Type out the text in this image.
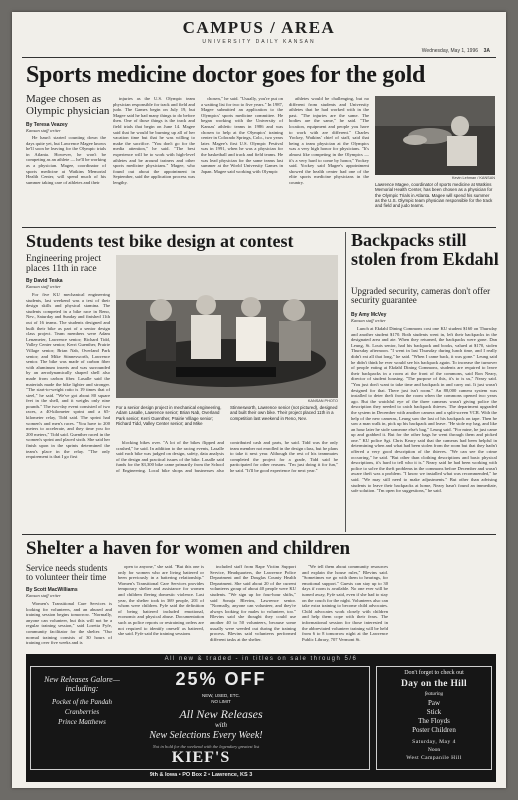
CAMPUS / AREA
UNIVERSITY DAILY KANSAN
Wednesday, May 1, 1996 3A
Sports medicine doctor goes for the gold
Magee chosen as Olympic physician
By Teresa Veazey
Kansan staff writer

He hasn't started counting down the days quite yet, but Lawrence Magee knows he'll soon be leaving for the Olympic trials in Atlanta. However, he won't be competing as an athlete — he'll be working as a physician. Magee, coordinator of sports medicine at Watkins Memorial Health Center, will spend much of his summer taking care of athletes and their

injuries as the U.S. Olympic team physician responsible for track and field and judo. The Games begin on July 19, but Magee said he had many things to do before then. One of those things is the track and field trials that begin on June 14. Magee said that he would be burning up all of her vacation time but that he was willing to make the sacrifice. "You don't go for the media attention," he said. "The best experience will be to work with high-level athletes and be around trainers and other sports medicine physicians." Magee, who found out about the appointment in September, said the application process was lengthy.

chosen," he said. "Usually, you're put on a waiting list for two to five years." In 1987, Magee submitted an application to the Olympics' sports medicine committee. He began working with the University of Kansas' athletic teams in 1986 and was chosen to help at the Olympics' training center in Colorado Springs, Colo., two years later. Magee's first U.S. Olympic Festival was in 1991, when he was a physician for the basketball and track and field teams. He was lead physician for the same teams last summer at the World University Games in Japan. Magee said working with Olympic

athletes would be challenging, but no different from students and University athletes that he had worked with in the past. "The injuries are the same. The bodies are the same," he said. "The location, equipment and people you have to work with are different." Charles Yockey, Watkins' chief of staff, said that being a team physician at the Olympics was a very high honor for physicians. "It's almost like competing in the Olympics — it's a very hard to come by honor," Yockey said. Yockey said Magee's appointment showed the health center had one of the elite sports medicine physicians in the country.

Kevin Lehman / KANSAN
Lawrence Magee, coordinator of sports medicine at Watkins Memorial Health Center, has been chosen as a physician for the Olympic Trials in Atlanta. Magee will spend his summer as the U.S. Olympic team physician responsible for the track and field and judo teams.
Students test bike design at contest
Engineering project places 11th in race
By David Teska
Kansan staff writer

For five KU mechanical engineering students, last weekend was a test of their design skills and physical stamina. The students competed in a bike race in Reno, Nev., Saturday and Sunday and finished 11th out of 16 teams. The students designed and built their bike as part of a senior design class project. Team members were Adam Lenzmeier, Lawrence senior; Richard Tidd, Valley Center senior; Kerri Guenther, Prairie Village senior; Brian Nab, Overland Park senior; and Mike Stinnesworth, Lawrence senior. The bike was made of carbon fiber with aluminum inserts and was surrounded by an aerodynamically shaped shell also made from carbon fiber. Lasalle said the materials made the bike lighter and stronger. "The start-to-weight ratio is 19 times that of steel," he said. "We've got about 80 square feet in the shell, and it weighs only nine pounds." The two-day event consisted of two races, a 40-kilometer sprint and a 65-kilometer relay, Tidd said. The sprint had women's and men's races. "You have to 200 meters to accelerate, and they time you for 200 meters," Tidd said. Guenther raced in the women's sprint and placed sixth. She said her finish upon in the sprints determined the team's place in the relay. "The only requirement is that I go first

KANSAN PHOTO
For a senior design project in mechanical engineering, Adam Lasalle, Lawrence senior; Brian Nab, Overland Park senior; Kerri Guenther, Prairie Village senior; Richard Tidd, Valley Center senior; and Mike Stinnesworth, Lawrence senior (not pictured), designed and built their own bike. Their project placed 11th in a competition last weekend in Reno, Nev.

blocking bikes over. "A lot of the bikes flipped and crashed," he said. In addition to the racing events, Lasalle said each bike was judged on design, safety, data analysis of the design and practical issues of the bike. Lasalle said funds for the $3,300 bike came primarily from the School of Engineering. Local bike shops and businesses also contributed cash and parts, he said. Tidd was the only team member not enrolled in the design class, but he plans to take it next year. Although the rest of his teammates completed the project for a grade, Tidd said he participated for other reasons. "I'm just doing it for fun," he said. "It'll be good experience for next year."

Backpacks still stolen from Ekdahl
Upgraded security, cameras don't offer security guarantee
By Amy McVey
Kansan staff writer

Lunch at Ekdahl Dining Commons cost one KU student $160 on Thursday and another student $170. Both students went in, left their backpacks in the designated area and ate. When they returned, the backpacks were gone. Dan Leung, St. Louis senior, had his backpack and books, valued at $170, stolen Thursday afternoon. "I went in last Thursday during lunch time, and I really didn't eat all that long," he said. "When I came back, it was gone." Leung said he didn't think he ever would see his backpack again. To increase the turnover of people eating at Ekdahl Dining Commons, students are required to leave their backpacks in a room at the front of the commons, said Ron Neary, director of student housing. "The purpose of this, it's to is us," Neary said. "You just don't want to take time and backpack in and carry out. It just wasn't designed for that. There just isn't room." An 88,000 camera system was installed to deter theft from the room when the commons opened two years ago. But the watchful eye of the three cameras wasn't giving police the description they needed to catch backpack thieves. The department upgraded the system in December with another camera and a split-screen VCR. With the help of the new cameras, Leung saw the last of his backpack on tape. Then he saw a man walk in, pick up his backpack and leave. "He stole my bag, and like an hour later he stole someone else's bag," Leung said. "For mine, he just came up and grabbed it. But for the other bags he went through them and picked one." KU police Sgt. Chris Keary said that the cameras had been helpful in determining when and what had been stolen from the room but that they hadn't offered a very good description of the thieves. "We can see the crime occurring," he said. "But other than clothing descriptions and basic physical descriptions, it's hard to tell who it is." Neary said he had been working with police to solve the theft problems in the commons before December and wasn't aware theft was a problem. "I know we installed what was recommended," he said. "We may still need to make adjustments." But other than advising students to leave their backpacks at home, Neary hasn't found an immediate, safe solution. "I'm open for suggestions," he said.

Shelter a haven for women and children
Service needs students to volunteer their time
By Scott MacWilliams
Kansan staff writer

Women's Transitional Care Services is looking for volunteers, and an abused and training session begins tomorrow. "Normally, anyone can volunteer, but this will not be a regular training session," said Loretta Fyfe, community facilitator for the shelter. "Our normal training consists of 30 hours of training over five weeks and is

open to anyone," she said. "But this one is only for women who are living battered or been previously in a battering relationship." Women's Transitional Care Services provides temporary shelter and assistance for women and children fleeing domestic violence. Last year, the shelter took in 369 people, 201 of whom were children. Fyfe said the definition of being battered included emotional, economic and physical abuse. Documentation such as police reports or restraining orders are not required to identify oneself as battered, she said. Fyfe said the training sessions

included staff from Rape Victim Support Service, Headquarters, the Lawrence Police Department and the Douglas County Health Department. She said about 20 of the current volunteers group of about 40 people were KU students. "We sign up for four-hour shifts," said Sonaja Blevins, Lawrence senior. "Normally, anyone can volunteer, and they're always looking for males to volunteer, too." Blevins said she thought they could use another 40 to 50 volunteers, because some usually were weeded out during the training process. Blevins said volunteers performed different tasks at the shelter.

"We tell them about community resources and explain the house rules," Blevins said. "Sometimes we go with them to hearings, for emotional support." Guests can stay up to 30 days if room is available. No one ever will be turned away, Fyfe said, even if she had to stay on the couch for the night. Volunteers also can take extra training to become child advocates. Child advocates work closely with children and help them cope with their fears. The informational session for those interested in the abbreviated volunteer training will be held from 6 to 8 tomorrow night at the Lawrence Public Library, 707 Vermont St.

All new & traded - in titles on sale through 5/6
New Releases Galore— including:
Pocket of the Pandah
Cranberries
Prince Matthews
25% OFF
NEW, USED, ETC.
NO LIMIT
All New Releases
with
New Selections Every Week!
Not in hold for the weekend with the legendary greatest list
KIEF'S
9th & Iowa • PO Box 2 • Lawrence, KS 3
Don't forget to check out
Day on the Hill
featuring
Paw
Stick
The Floyds
Poster Children
Saturday, May 4
Noon
West Campanile Hill
